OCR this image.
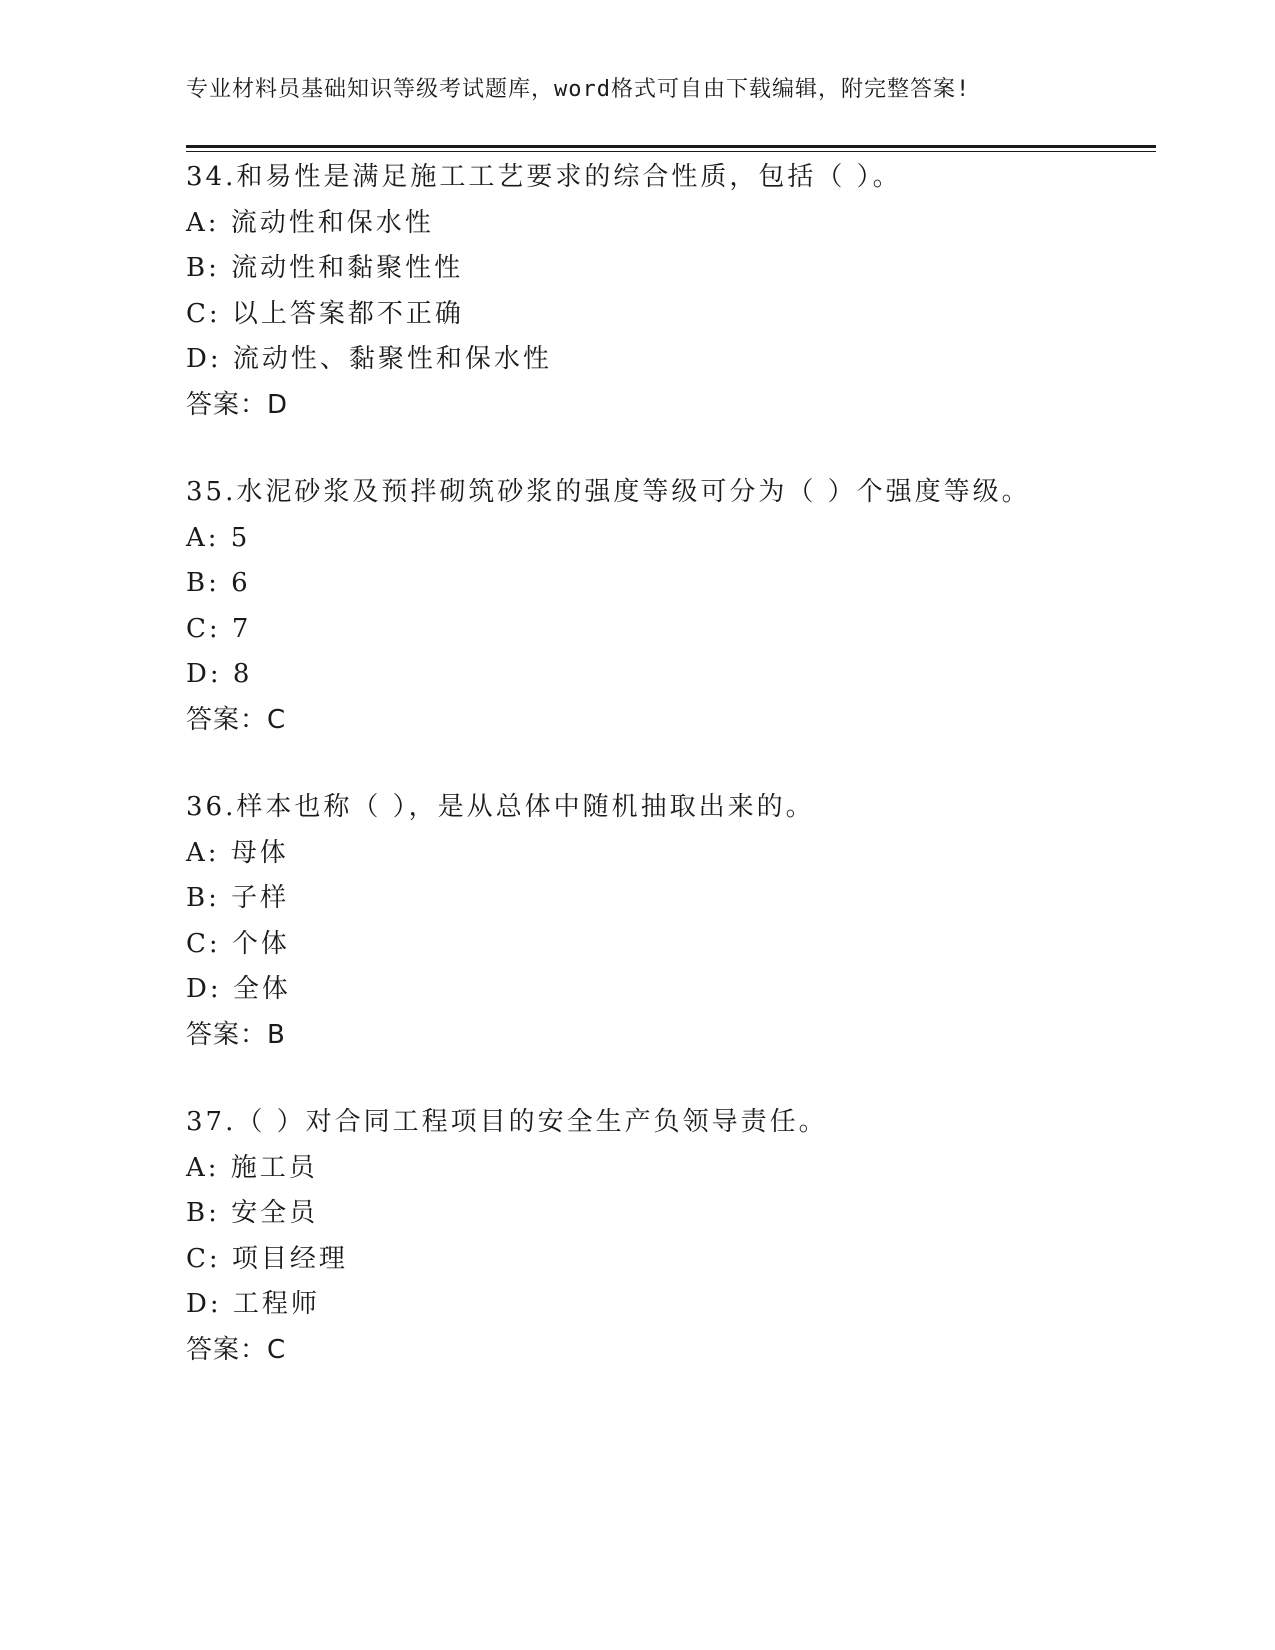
专业材料员基础知识等级考试题库，word格式可自由下载编辑，附完整答案!
34.和易性是满足施工工艺要求的综合性质，包括（ ）。
A: 流动性和保水性
B: 流动性和黏聚性性
C: 以上答案都不正确
D: 流动性、黏聚性和保水性
答案：D
35.水泥砂浆及预拌砌筑砂浆的强度等级可分为（ ）个强度等级。
A: 5
B: 6
C: 7
D: 8
答案：C
36.样本也称（ ），是从总体中随机抽取出来的。
A: 母体
B: 子样
C: 个体
D: 全体
答案：B
37.（ ）对合同工程项目的安全生产负领导责任。
A: 施工员
B: 安全员
C: 项目经理
D: 工程师
答案：C
